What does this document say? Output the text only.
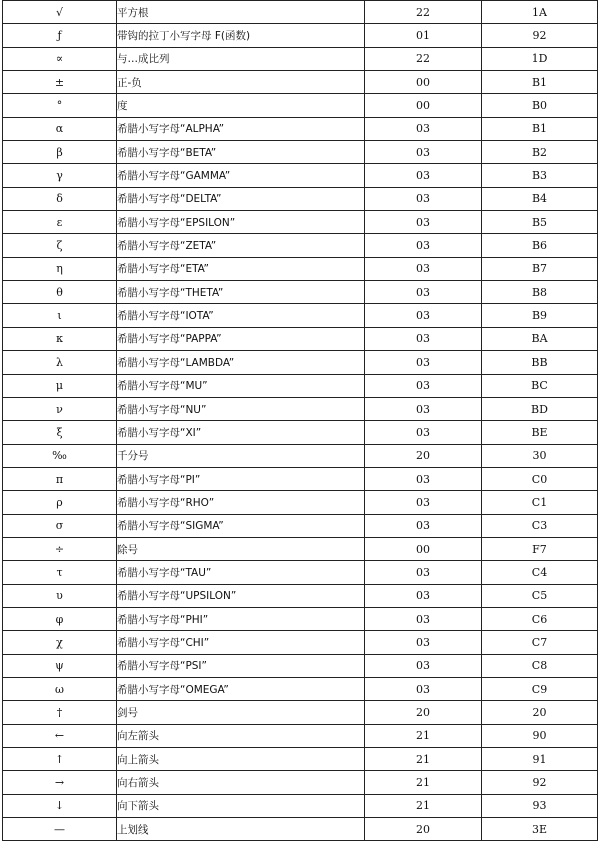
√	平方根	22	1A
ƒ	带钩的拉丁小写字母 F(函数)	01	92
∝	与…成比列	22	1D
±	正-负	00	B1
°	度	00	B0
α	希腊小写字母“ALPHA”	03	B1
β	希腊小写字母“BETA”	03	B2
γ	希腊小写字母“GAMMA”	03	B3
δ	希腊小写字母“DELTA”	03	B4
ε	希腊小写字母“EPSILON”	03	B5
ζ	希腊小写字母“ZETA”	03	B6
η	希腊小写字母“ETA”	03	B7
θ	希腊小写字母“THETA”	03	B8
ι	希腊小写字母“IOTA”	03	B9
κ	希腊小写字母“PAPPA”	03	BA
λ	希腊小写字母“LAMBDA”	03	BB
μ	希腊小写字母“MU”	03	BC
ν	希腊小写字母“NU”	03	BD
ξ	希腊小写字母“XI”	03	BE
‰	千分号	20	30
π	希腊小写字母“PI”	03	C0
ρ	希腊小写字母“RHO”	03	C1
σ	希腊小写字母“SIGMA”	03	C3
÷	除号	00	F7
τ	希腊小写字母“TAU”	03	C4
υ	希腊小写字母“UPSILON”	03	C5
φ	希腊小写字母“PHI”	03	C6
χ	希腊小写字母“CHI”	03	C7
ψ	希腊小写字母“PSI”	03	C8
ω	希腊小写字母“OMEGA”	03	C9
†	剑号	20	20
←	向左箭头	21	90
↑	向上箭头	21	91
→	向右箭头	21	92
↓	向下箭头	21	93
—	上划线	20	3E
